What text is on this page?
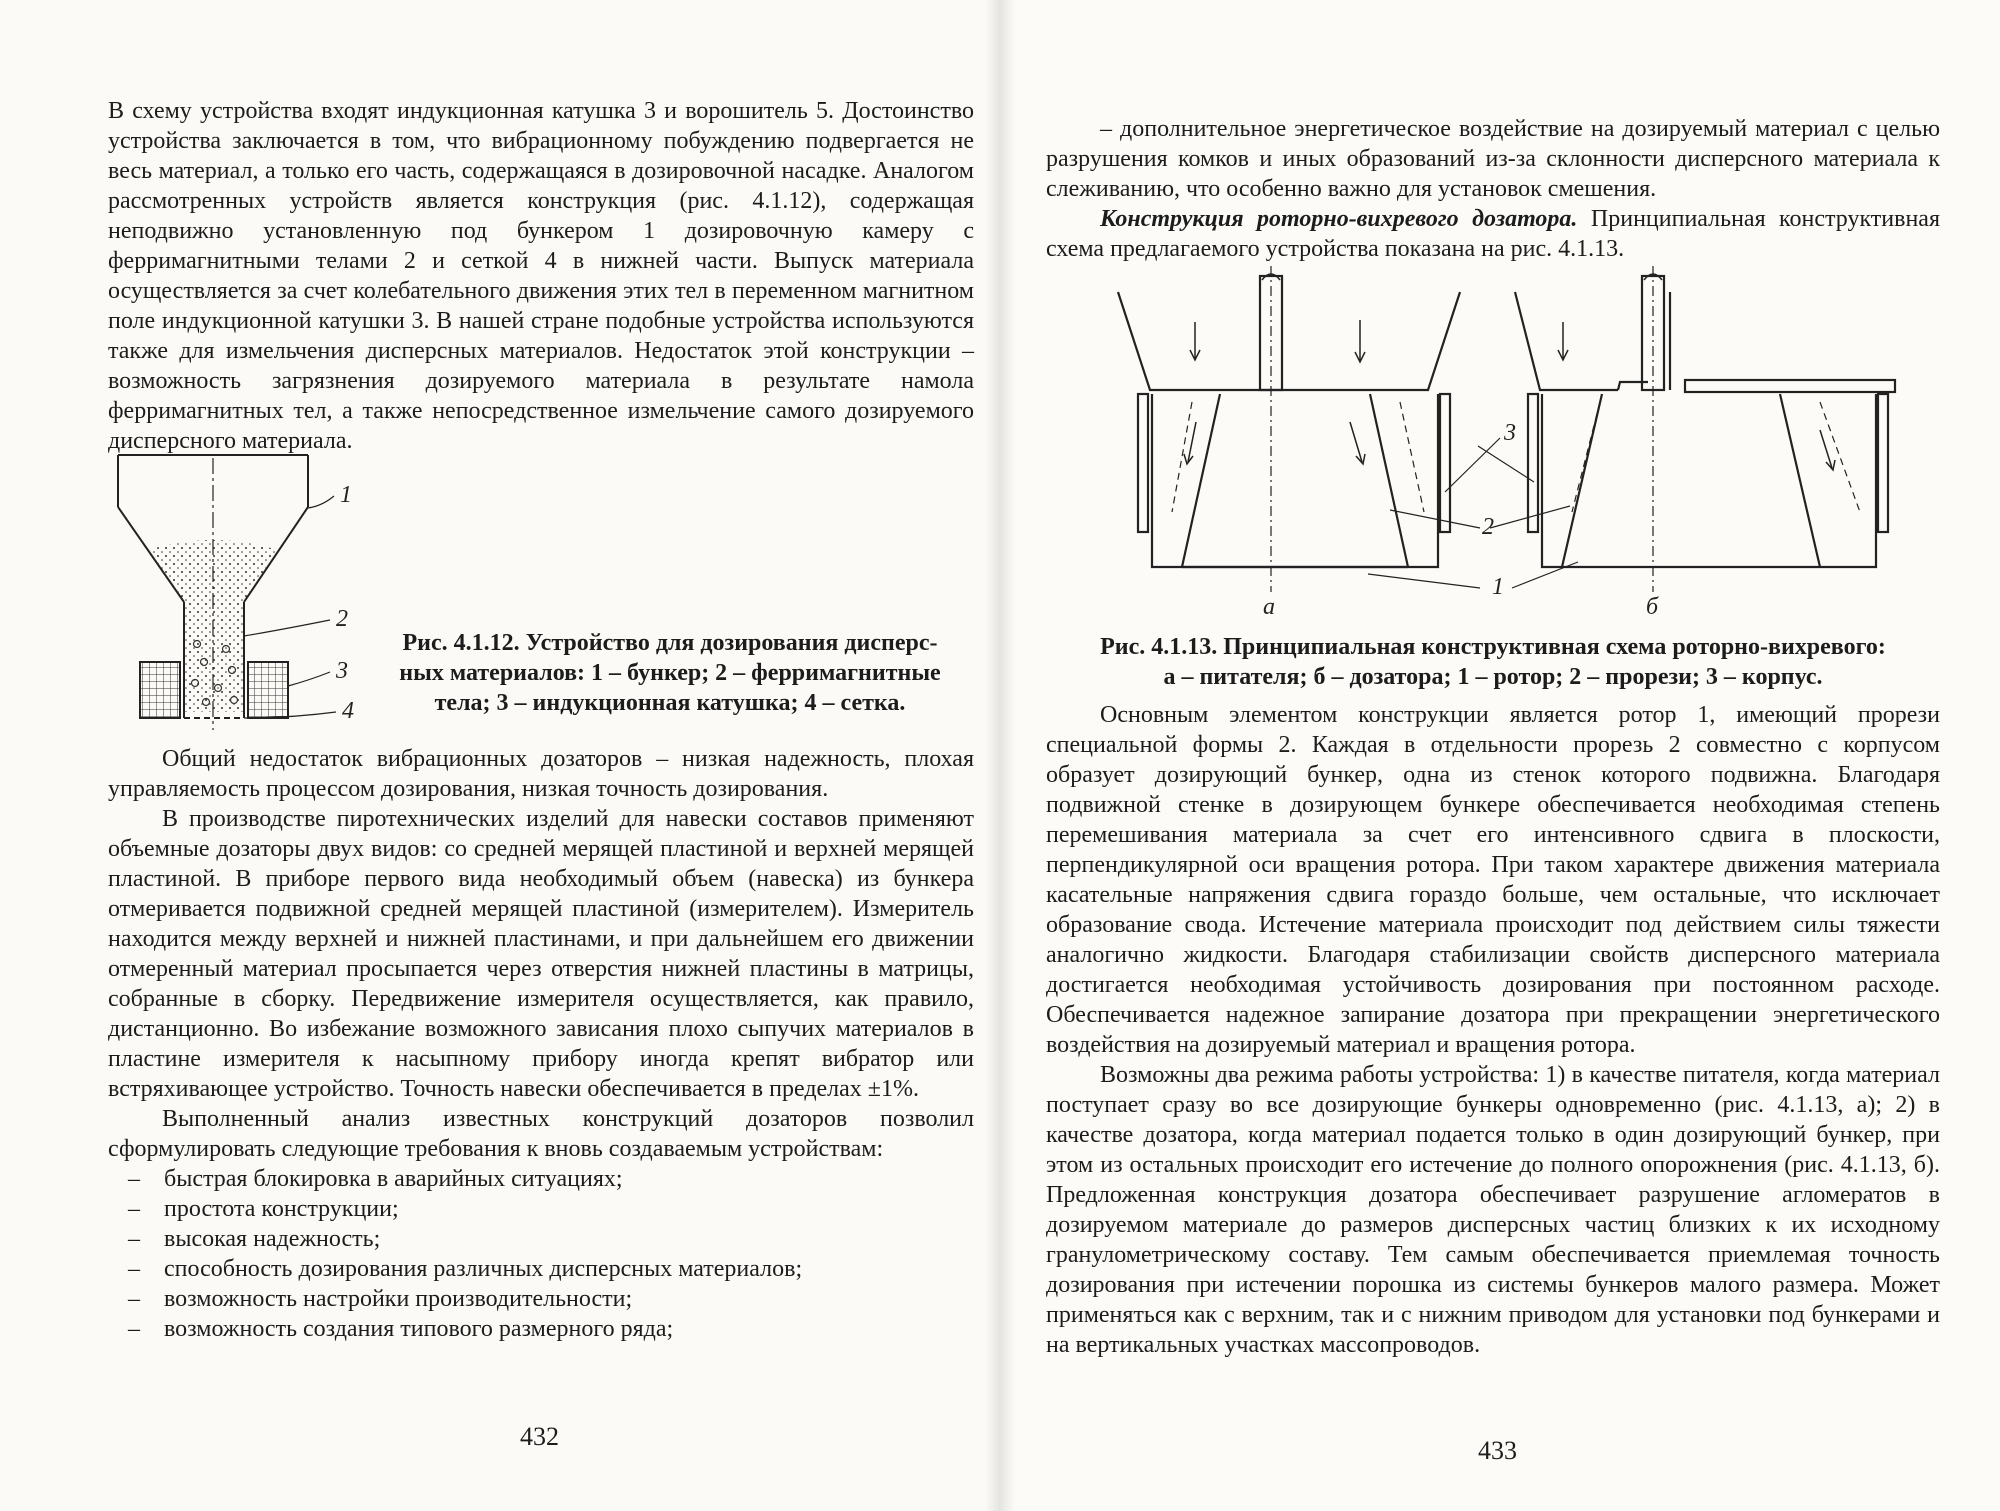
В схему устройства входят индукционная катушка 3 и ворошитель 5. Достоинство устройства заключается в том, что вибрационному побуждению подвергается не весь материал, а только его часть, содержащаяся в дозировочной насадке. Аналогом рассмотренных устройств является конструкция (рис. 4.1.12), содержащая неподвижно установленную под бункером 1 дозировочную камеру с ферримагнитными телами 2 и сеткой 4 в нижней части. Выпуск материала осуществляется за счет колебательного движения этих тел в переменном магнитном поле индукционной катушки 3. В нашей стране подобные устройства используются также для измельчения дисперсных материалов. Недостаток этой конструкции – возможность загрязнения дозируемого материала в результате намола ферримагнитных тел, а также непосредственное измельчение самого дозируемого дисперсного материала.

1
2
3
4
Рис. 4.1.12. Устройство для дозирования дисперс-
ных материалов: 1 – бункер; 2 – ферримагнитные
тела; 3 – индукционная катушка; 4 – сетка.

Общий недостаток вибрационных дозаторов – низкая надежность, плохая управляемость процессом дозирования, низкая точность дозирования.

В производстве пиротехнических изделий для навески составов применяют объемные дозаторы двух видов: со средней мерящей пластиной и верхней мерящей пластиной. В приборе первого вида необходимый объем (навеска) из бункера отмеривается подвижной средней мерящей пластиной (измерителем). Измеритель находится между верхней и нижней пластинами, и при дальнейшем его движении отмеренный материал просыпается через отверстия нижней пластины в матрицы, собранные в сборку. Передвижение измерителя осуществляется, как правило, дистанционно. Во избежание возможного зависания плохо сыпучих материалов в пластине измерителя к насыпному прибору иногда крепят вибратор или встряхивающее устройство. Точность навески обеспечивается в пределах ±1%.

Выполненный анализ известных конструкций дозаторов позволил сформулировать следующие требования к вновь создаваемым устройствам:

– быстрая блокировка в аварийных ситуациях;
– простота конструкции;
– высокая надежность;
– способность дозирования различных дисперсных материалов;
– возможность настройки производительности;
– возможность создания типового размерного ряда;
432

– дополнительное энергетическое воздействие на дозируемый материал с целью разрушения комков и иных образований из-за склонности дисперсного материала к слеживанию, что особенно важно для установок смешения.

Конструкция роторно-вихревого дозатора. Принципиальная конструктивная схема предлагаемого устройства показана на рис. 4.1.13.

3
2
1
а	б
Рис. 4.1.13. Принципиальная конструктивная схема роторно-вихревого:
а – питателя; б – дозатора; 1 – ротор; 2 – прорези; 3 – корпус.

Основным элементом конструкции является ротор 1, имеющий прорези специальной формы 2. Каждая в отдельности прорезь 2 совместно с корпусом образует дозирующий бункер, одна из стенок которого подвижна. Благодаря подвижной стенке в дозирующем бункере обеспечивается необходимая степень перемешивания материала за счет его интенсивного сдвига в плоскости, перпендикулярной оси вращения ротора. При таком характере движения материала касательные напряжения сдвига гораздо больше, чем остальные, что исключает образование свода. Истечение материала происходит под действием силы тяжести аналогично жидкости. Благодаря стабилизации свойств дисперсного материала достигается необходимая устойчивость дозирования при постоянном расходе. Обеспечивается надежное запирание дозатора при прекращении энергетического воздействия на дозируемый материал и вращения ротора.

Возможны два режима работы устройства: 1) в качестве питателя, когда материал поступает сразу во все дозирующие бункеры одновременно (рис. 4.1.13, а); 2) в качестве дозатора, когда материал подается только в один дозирующий бункер, при этом из остальных происходит его истечение до полного опорожнения (рис. 4.1.13, б). Предложенная конструкция дозатора обеспечивает разрушение агломератов в дозируемом материале до размеров дисперсных частиц близких к их исходному гранулометрическому составу. Тем самым обеспечивается приемлемая точность дозирования при истечении порошка из системы бункеров малого размера. Может применяться как с верхним, так и с нижним приводом для установки под бункерами и на вертикальных участках массопроводов.

433
